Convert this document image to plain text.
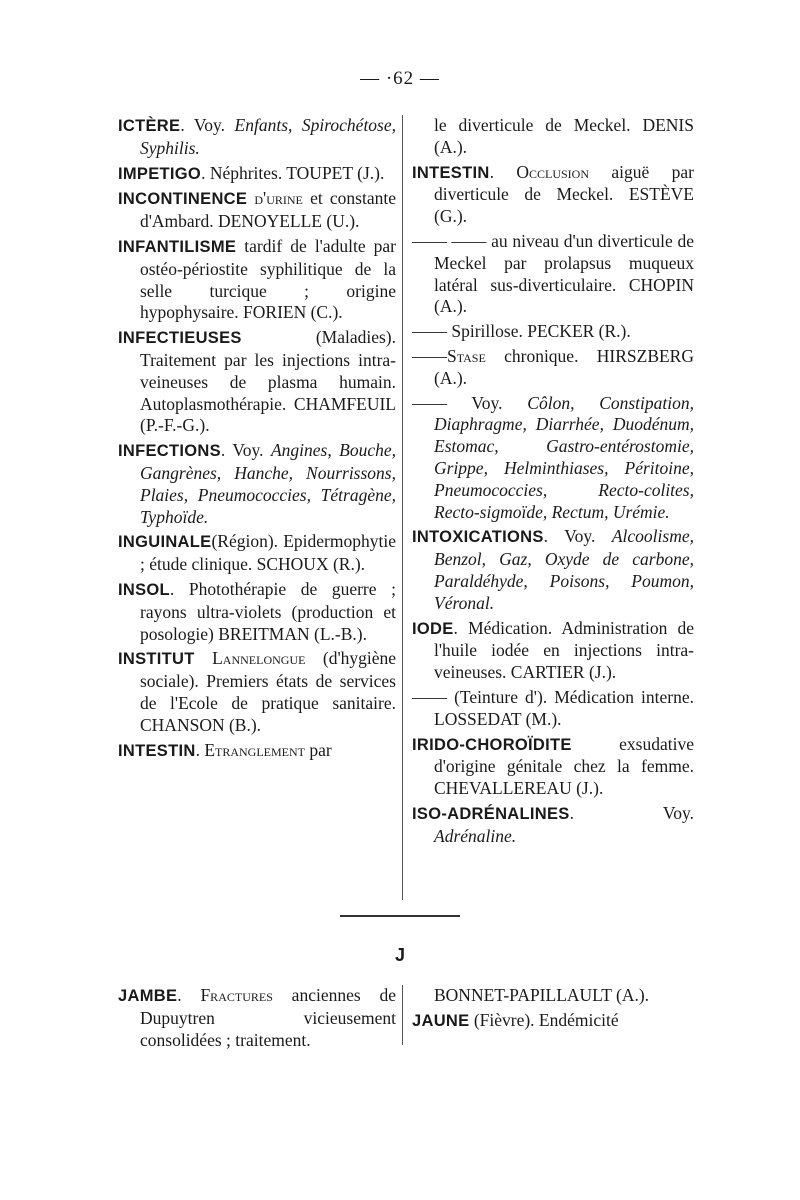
— ·62 —

ICTÈRE. Voy. Enfants, Spirochétose, Syphilis.

IMPETIGO. Néphrites. TOUPET (J.).

INCONTINENCE d'urine et constante d'Ambard. DENOYELLE (U.).

INFANTILISME tardif de l'adulte par ostéo-périostite syphilitique de la selle turcique ; origine hypophysaire. FORIEN (C.).

INFECTIEUSES	(Maladies). Traitement par les injections intra-veineuses de plasma humain. Autoplasmothérapie. CHAMFEUIL (P.-F.-G.).

INFECTIONS. Voy. Angines, Bouche, Gangrènes, Hanche, Nourrissons, Plaies, Pneumococcies, Tétragène, Typhoïde.

INGUINALE(Région). Epidermophytie ; étude clinique. SCHOUX (R.).

INSOL. Photothérapie de guerre ; rayons ultra-violets (production et posologie) BREITMAN (L.-B.).

INSTITUT Lannelongue (d'hygiène sociale). Premiers états de services de l'Ecole de pratique sanitaire. CHANSON (B.).

INTESTIN. Etranglement par

le diverticule de Meckel. DENIS (A.).

INTESTIN. Occlusion aiguë par diverticule de Meckel. ESTÈVE (G.).

—— —— au niveau d'un diverticule de Meckel par prolapsus muqueux latéral sus-diverticulaire. CHOPIN (A.).

—— Spirillose. PECKER (R.).

——Stase chronique. HIRSZBERG (A.).

—— Voy. Côlon, Constipation, Diaphragme, Diarrhée, Duodénum, Estomac, Gastro-entérostomie, Grippe, Helminthiases, Péritoine, Pneumococcies, Recto-colites, Recto-sigmoïde, Rectum, Urémie.

INTOXICATIONS. Voy. Alcoolisme, Benzol, Gaz, Oxyde de carbone, Paraldéhyde, Poisons, Poumon, Véronal.

IODE. Médication. Administration de l'huile iodée en injections intra-veineuses. CARTIER (J.).

—— (Teinture d'). Médication interne. LOSSEDAT (M.).

IRIDO-CHOROÏDITE	exsudative d'origine génitale chez la femme. CHEVALLEREAU (J.).

ISO-ADRÉNALINES. Voy. Adrénaline.

J

JAMBE. Fractures anciennes de Dupuytren vicieusement consolidées ; traitement.

BONNET-PAPILLAULT (A.).

JAUNE (Fièvre). Endémicité
